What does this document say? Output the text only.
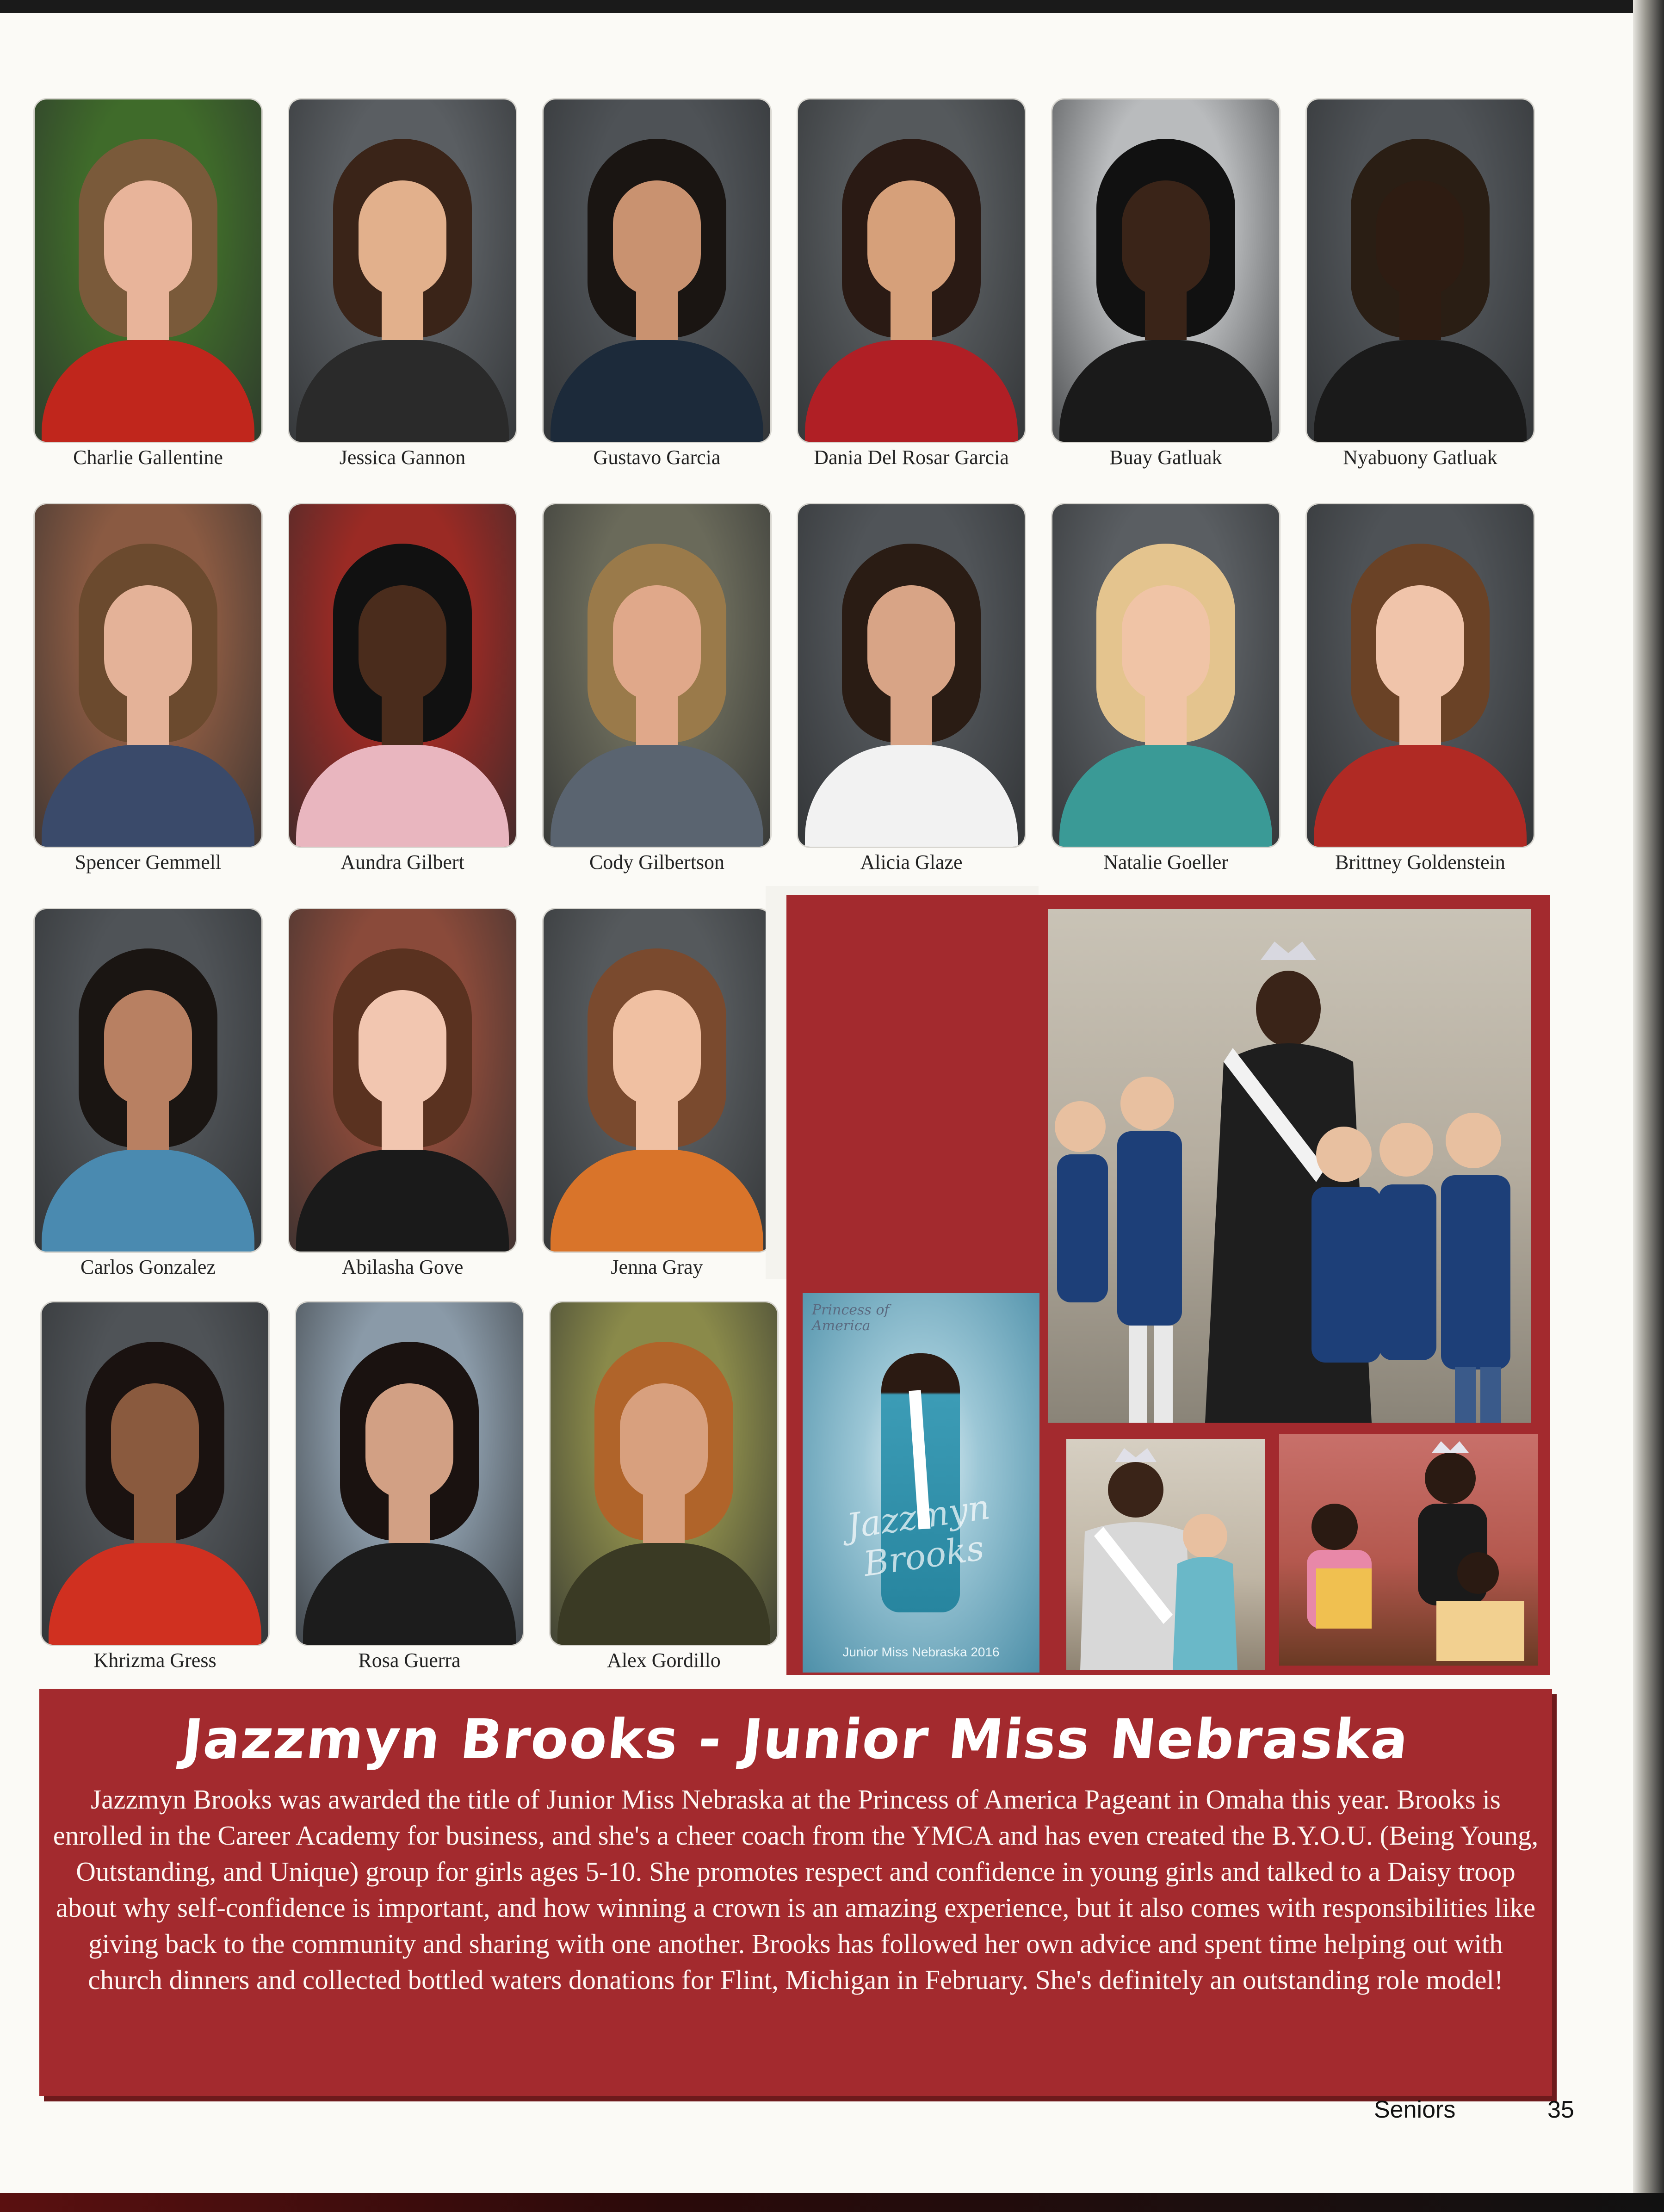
Charlie Gallentine	Jessica Gannon	Gustavo Garcia	Dania Del Rosar Garcia	Buay Gatluak	Nyabuony Gatluak
Spencer Gemmell	Aundra Gilbert	Cody Gilbertson	Alicia Glaze	Natalie Goeller	Brittney Goldenstein
Carlos Gonzalez	Abilasha Gove	Jenna Gray
Khrizma Gress	Rosa Guerra	Alex Gordillo
Princess of America
Jazzmyn Brooks
Junior Miss Nebraska 2016
Jazzmyn Brooks - Junior Miss Nebraska
Jazzmyn Brooks was awarded the title of Junior Miss Nebraska at the Princess of America Pageant in Omaha this year. Brooks is enrolled in the Career Academy for business, and she's a cheer coach from the YMCA and has even created the B.Y.O.U. (Being Young, Outstanding, and Unique) group for girls ages 5-10. She promotes respect and confidence in young girls and talked to a Daisy troop about why self-confidence is important, and how winning a crown is an amazing experience, but it also comes with responsibilities like giving back to the community and sharing with one another. Brooks has followed her own advice and spent time helping out with church dinners and collected bottled waters donations for Flint, Michigan in February. She's definitely an outstanding role model!
Seniors	35
